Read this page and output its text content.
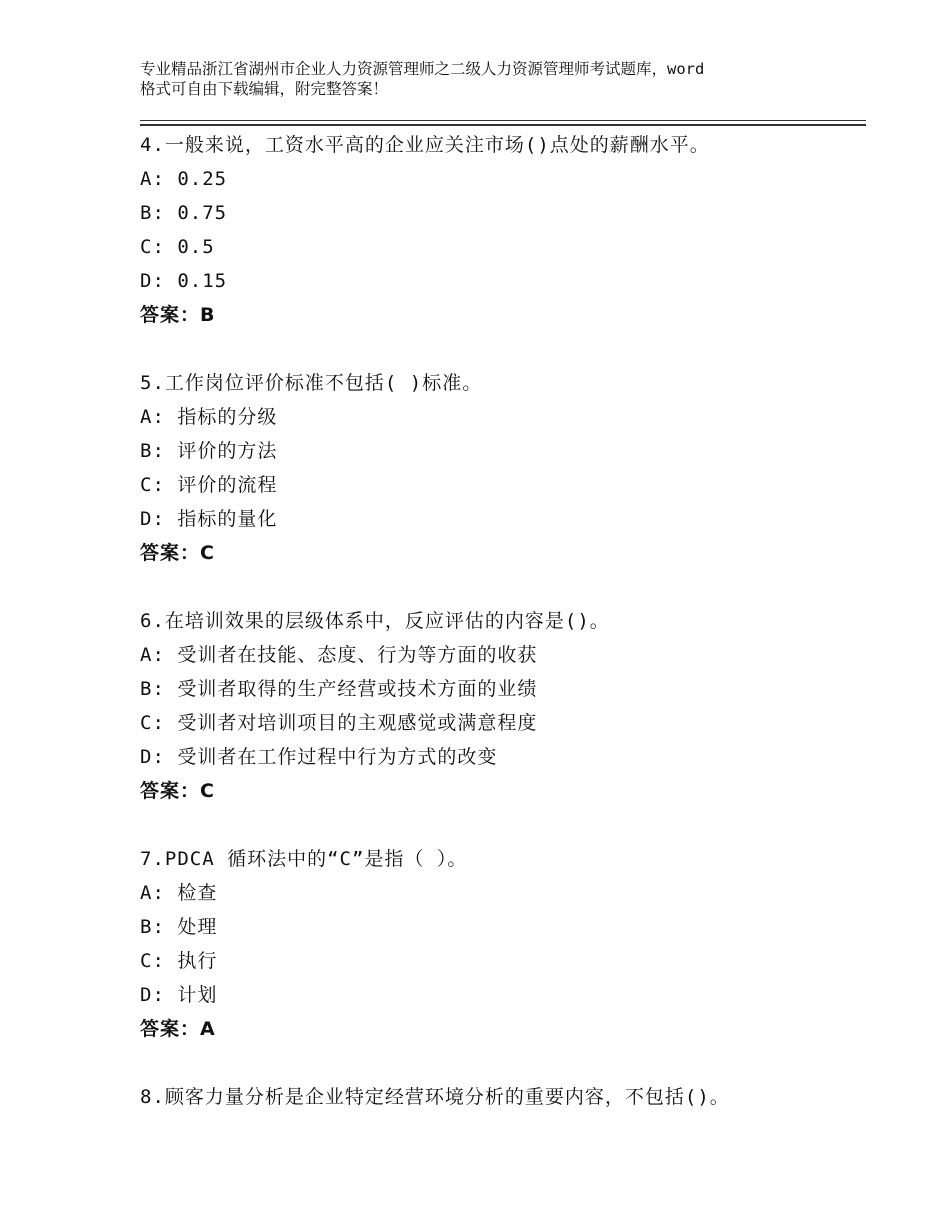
专业精品浙江省湖州市企业人力资源管理师之二级人力资源管理师考试题库，word
格式可自由下载编辑，附完整答案！
4.一般来说，工资水平高的企业应关注市场()点处的薪酬水平。
A: 0.25
B: 0.75
C: 0.5
D: 0.15
答案：B
5.工作岗位评价标准不包括( )标准。
A: 指标的分级
B: 评价的方法
C: 评价的流程
D: 指标的量化
答案：C
6.在培训效果的层级体系中，反应评估的内容是()。
A: 受训者在技能、态度、行为等方面的收获
B: 受训者取得的生产经营或技术方面的业绩
C: 受训者对培训项目的主观感觉或满意程度
D: 受训者在工作过程中行为方式的改变
答案：C
7.PDCA 循环法中的“C”是指（ ）。
A: 检查
B: 处理
C: 执行
D: 计划
答案：A
8.顾客力量分析是企业特定经营环境分析的重要内容，不包括()。
